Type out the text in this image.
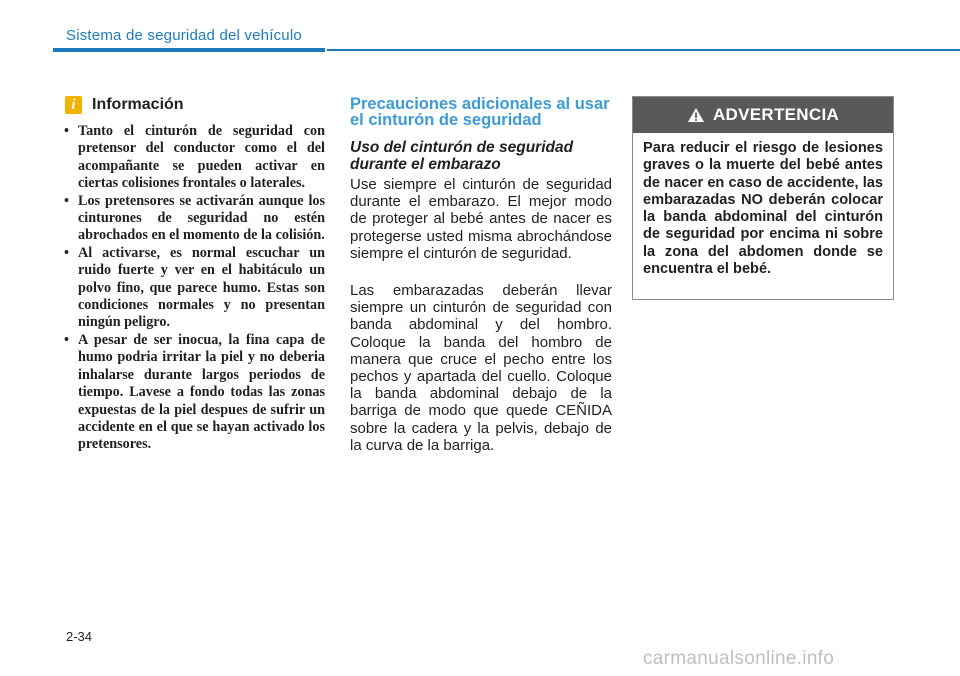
Sistema de seguridad del vehículo
i	Información
• Tanto el cinturón de seguridad con pretensor del conductor como el del acompañante se pueden activar en ciertas colisiones frontales o laterales.
• Los pretensores se activarán aunque los cinturones de seguridad no estén abrochados en el momento de la colisión.
• Al activarse, es normal escuchar un ruido fuerte y ver en el habitáculo un polvo fino, que parece humo. Estas son condiciones normales y no presentan ningún peligro.
• A pesar de ser inocua, la fina capa de humo podria irritar la piel y no deberia inhalarse durante largos periodos de tiempo. Lavese a fondo todas las zonas expuestas de la piel despues de sufrir un accidente en el que se hayan activado los pretensores.
Precauciones adicionales al usar el cinturón de seguridad
Uso del cinturón de seguridad durante el embarazo

Use siempre el cinturón de seguridad durante el embarazo. El mejor modo de proteger al bebé antes de nacer es protegerse usted misma abrochándose siempre el cinturón de seguridad.

Las embarazadas deberán llevar siempre un cinturón de seguridad con banda abdominal y del hombro. Coloque la banda del hombro de manera que cruce el pecho entre los pechos y apartada del cuello. Coloque la banda abdominal debajo de la barriga de modo que quede CEÑIDA sobre la cadera y la pelvis, debajo de la curva de la barriga.

ADVERTENCIA
Para reducir el riesgo de lesiones graves o la muerte del bebé antes de nacer en caso de accidente, las embarazadas NO deberán colocar la banda abdominal del cinturón de seguridad por encima ni sobre la zona del abdomen donde se encuentra el bebé.
2-34
carmanualsonline.info
